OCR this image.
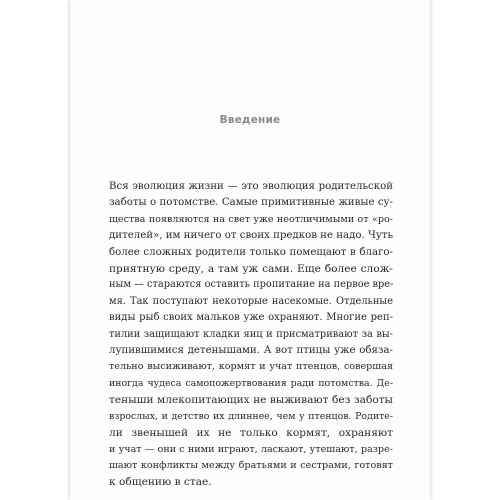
Введение
Вся эволюция жизни — это эволюция родительской
заботы о потомстве. Самые примитивные живые су-
щества появляются на свет уже неотличимыми от «ро-
дителей», им ничего от своих предков не надо. Чуть
более сложных родители только помещают в благо-
приятную среду, а там уж сами. Еще более слож-
ным — стараются оставить пропитание на первое вре-
мя. Так поступают некоторые насекомые. Отдельные
виды рыб своих мальков уже охраняют. Многие реп-
тилии защищают кладки яиц и присматривают за вы-
лупившимися детенышами. А вот птицы уже обяза-
тельно высиживают, кормят и учат птенцов, совершая
иногда чудеса самопожертвования ради потомства. Де-
теныши млекопитающих не выживают без заботы
взрослых, и детство их длиннее, чем у птенцов. Родите-
ли звенышей их не только кормят, охраняют
и учат — они с ними играют, ласкают, утешают, разре-
шают конфликты между братьями и сестрами, готовят
к общению в стае.
